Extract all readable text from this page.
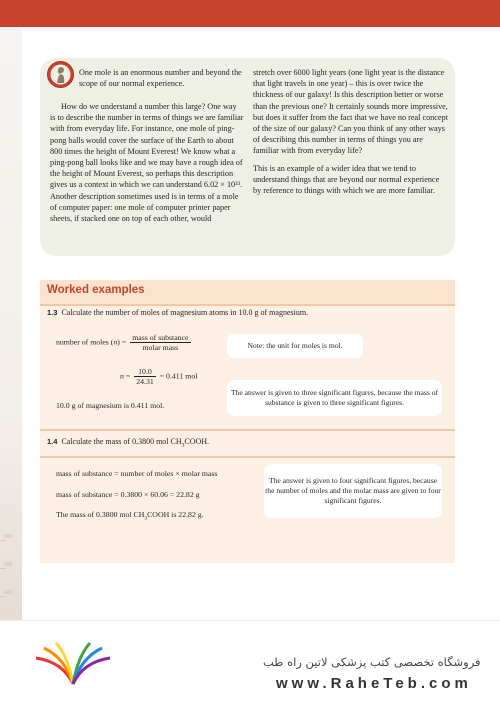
600
500
400

One mole is an enormous number and beyond the scope of our normal experience.

How do we understand a number this large? One way is to describe the number in terms of things we are familiar with from everyday life. For instance, one mole of ping-pong balls would cover the surface of the Earth to about 800 times the height of Mount Everest! We know what a ping-pong ball looks like and we may have a rough idea of the height of Mount Everest, so perhaps this description gives us a context in which we can understand 6.02 × 10²³. Another description sometimes used is in terms of a mole of computer paper: one mole of computer printer paper sheets, if stacked one on top of each other, would

stretch over 6000 light years (one light year is the distance that light travels in one year) – this is over twice the thickness of our galaxy! Is this description better or worse than the previous one? It certainly sounds more impressive, but does it suffer from the fact that we have no real concept of the size of our galaxy? Can you think of any other ways of describing this number in terms of things you are familiar with from everyday life?

This is an example of a wider idea that we tend to understand things that are beyond our normal experience by reference to things with which we are more familiar.

Worked examples
1.3 Calculate the number of moles of magnesium atoms in 10.0 g of magnesium.
number of moles $(n) = \frac{\text{mass of substance}}{\text{molar mass}}$
$n = \frac{10.0}{24.31} = 0.411$ mol
10.0 g of magnesium is 0.411 mol.
Note: the unit for moles is mol.
The answer is given to three significant figures, because the mass of substance is given to three significant figures.
1.4 Calculate the mass of 0.3800 mol $CH_3COOH$.
mass of substance = number of moles × molar mass
mass of substance = 0.3800 × 60.06 = 22.82 g
The mass of 0.3800 mol $CH_3COOH$ is 22.82 g.
The answer is given to four significant figures, because the number of moles and the molar mass are given to four significant figures.
فروشگاه تخصصی کتب پزشکی لاتین راه طب
www.RaheTeb.com
